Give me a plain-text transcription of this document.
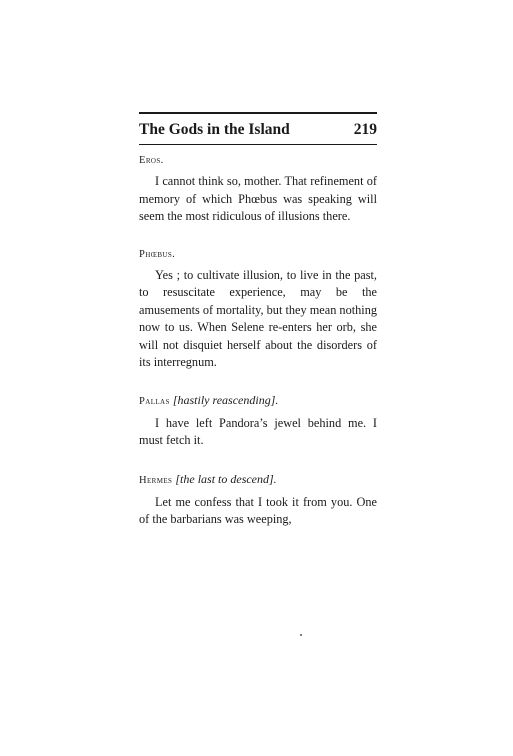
The Gods in the Island	219
Eros.

I cannot think so, mother. That refinement of memory of which Phœbus was speaking will seem the most ridiculous of illusions there.

Phœbus.

Yes ; to cultivate illusion, to live in the past, to resuscitate experience, may be the amusements of mortality, but they mean nothing now to us. When Selene re-enters her orb, she will not disquiet herself about the disorders of its interregnum.

Pallas [hastily reascending].

I have left Pandora’s jewel behind me. I must fetch it.

Hermes [the last to descend].

Let me confess that I took it from you. One of the barbarians was weeping,
